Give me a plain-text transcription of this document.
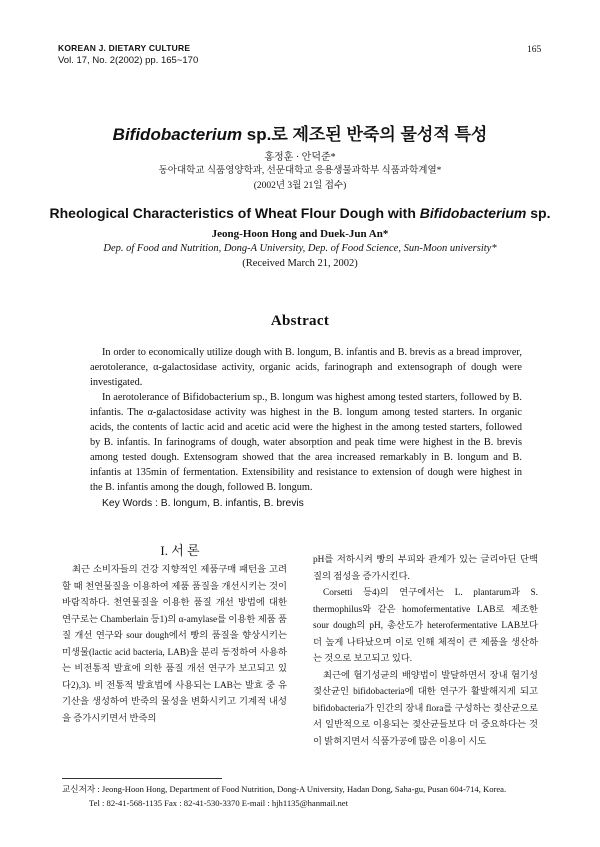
KOREAN J. DIETARY CULTURE
Vol. 17, No. 2(2002) pp. 165~170
165
Bifidobacterium sp.로 제조된 반죽의 물성적 특성
홍정훈 · 안덕준*
동아대학교 식품영양학과, 선문대학교 응용생물과학부 식품과학계열*
(2002년 3월 21일 접수)
Rheological Characteristics of Wheat Flour Dough with Bifidobacterium sp.
Jeong-Hoon Hong and Duek-Jun An*
Dep. of Food and Nutrition, Dong-A University, Dep. of Food Science, Sun-Moon university*
(Received March 21, 2002)
Abstract

In order to economically utilize dough with B. longum, B. infantis and B. brevis as a bread improver, aerotolerance, α-galactosidase activity, organic acids, farinograph and extensograph of dough were investigated.

In aerotolerance of Bifidobacterium sp., B. longum was highest among tested starters, followed by B. infantis. The α-galactosidase activity was highest in the B. longum among tested starters. In organic acids, the contents of lactic acid and acetic acid were the highest in the among tested starters, followed by B. infantis. In farinograms of dough, water absorption and peak time were highest in the B. brevis among tested dough. Extensogram showed that the area increased remarkably in B. longum and B. infantis at 135min of fermentation. Extensibility and resistance to extension of dough were highest in the B. infantis among the dough, followed B. longum.

Key Words : B. longum, B. infantis, B. brevis
I. 서 론

최근 소비자들의 건강 지향적인 제품구매 패턴을 고려할 때 천연물질을 이용하여 제품 품질을 개선시키는 것이 바람직하다. 천연물질을 이용한 품질 개선 방법에 대한 연구로는 Chamberlain 등1)의 α-amylase를 이용한 제품 품질 개선 연구와 sour dough에서 빵의 품질을 향상시키는 미생물(lactic acid bacteria, LAB)을 분리 동정하여 사용하는 비전통적 발효에 의한 품질 개선 연구가 보고되고 있다2),3). 비 전통적 발효법에 사용되는 LAB는 발효 중 유기산을 생성하여 반죽의 물성을 변화시키고 기계적 내성을 증가시키면서 반죽의

pH를 저하시켜 빵의 부피와 관계가 있는 글리아딘 단백질의 점성을 증가시킨다.

Corsetti 등4)의 연구에서는 L. plantarum과 S. thermophilus와 같은 homofermentative LAB로 제조한 sour dough의 pH, 총산도가 heterofermentative LAB보다 더 높게 나타났으며 이로 인해 체적이 큰 제품을 생산하는 것으로 보고되고 있다.

최근에 혐기성균의 배양법이 발달하면서 장내 혐기성 젖산균인 bifidobacteria에 대한 연구가 활발해지게 되고 bifidobacteria가 인간의 장내 flora를 구성하는 젖산균으로서 일반적으로 이용되는 젖산균들보다 더 중요하다는 것이 밝혀지면서 식품가공에 많은 이용이 시도

교신저자 : Jeong-Hoon Hong, Department of Food Nutrition, Dong-A University, Hadan Dong, Saha-gu, Pusan 604-714, Korea.
Tel : 82-41-568-1135 Fax : 82-41-530-3370 E-mail : hjh1135@hanmail.net
